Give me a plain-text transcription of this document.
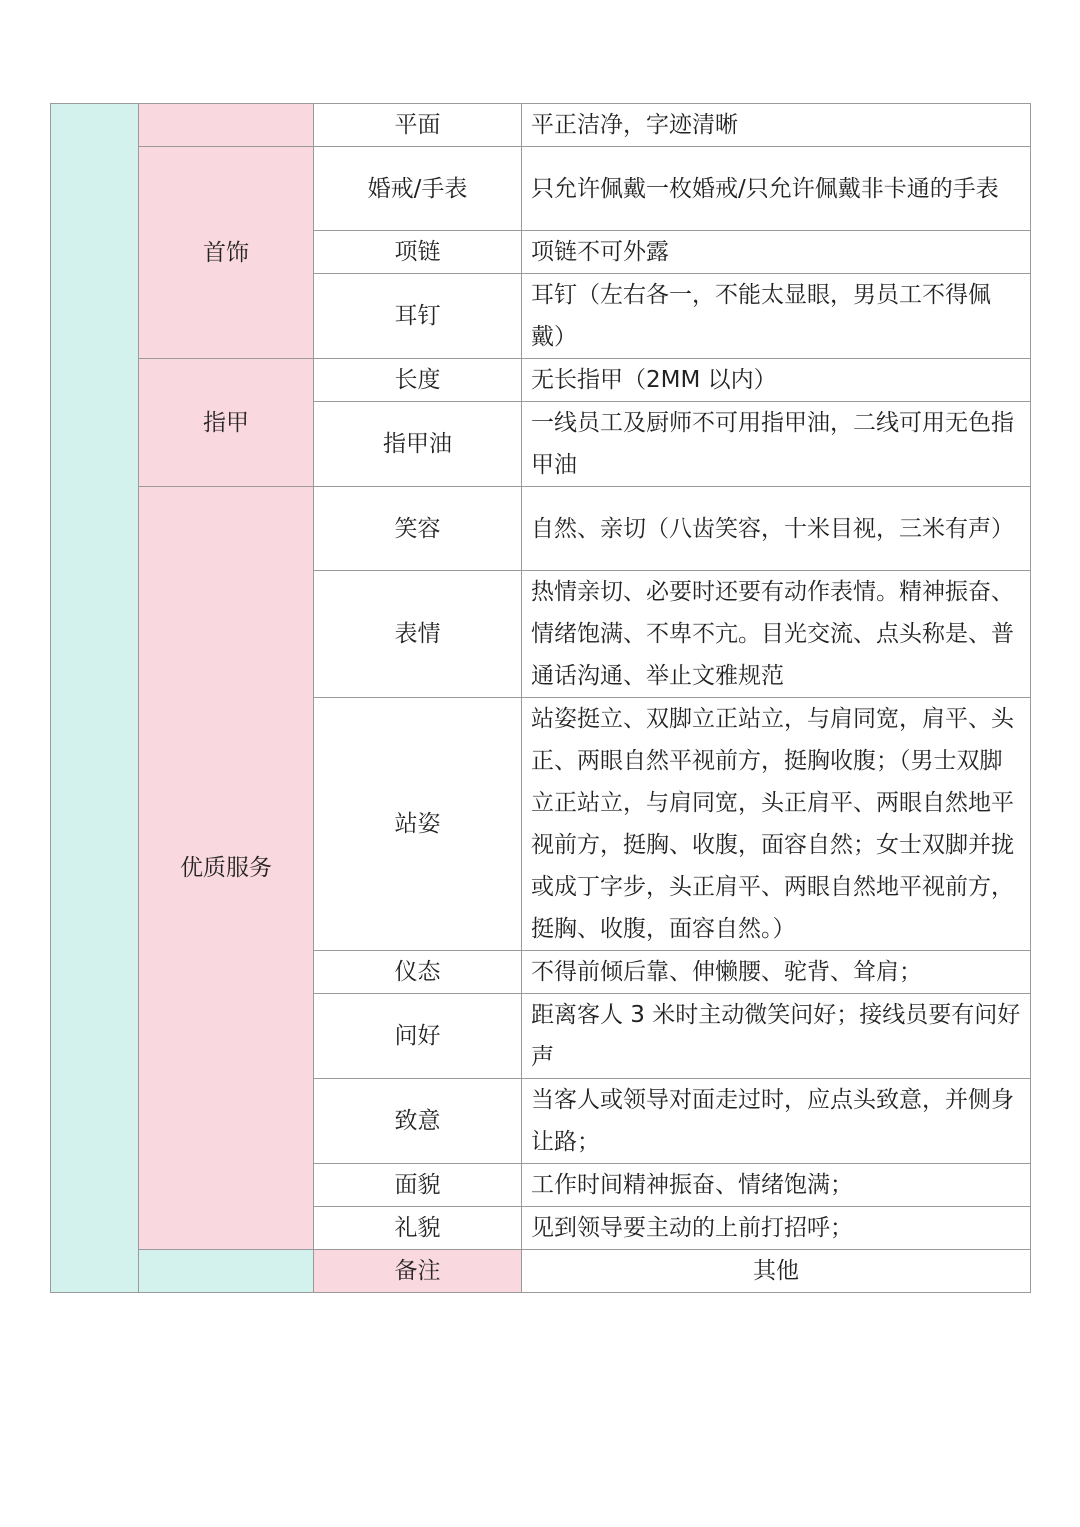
		平面	平正洁净，字迹清晰	
	首饰	婚戒/手表	只允许佩戴一枚婚戒/只允许佩戴非卡通的手表	
		项链	项链不可外露	
		耳钉	耳钉（左右各一，不能太显眼，男员工不得佩戴）	
	指甲	长度	无长指甲（2MM 以内）	
		指甲油	一线员工及厨师不可用指甲油，二线可用无色指甲油	
	优质服务	笑容	自然、亲切（八齿笑容，十米目视，三米有声）	
		表情	热情亲切、必要时还要有动作表情。精神振奋、情绪饱满、不卑不亢。目光交流、点头称是、普通话沟通、举止文雅规范	
		站姿	站姿挺立、双脚立正站立，与肩同宽，肩平、头正、两眼自然平视前方，挺胸收腹；（男士双脚立正站立，与肩同宽，头正肩平、两眼自然地平视前方，挺胸、收腹，面容自然；女士双脚并拢或成丁字步，头正肩平、两眼自然地平视前方，挺胸、收腹，面容自然。）	
		仪态	不得前倾后靠、伸懒腰、驼背、耸肩；	
		问好	距离客人 3 米时主动微笑问好；接线员要有问好声	
		致意	当客人或领导对面走过时，应点头致意，并侧身让路；	
		面貌	工作时间精神振奋、情绪饱满；	
		礼貌	见到领导要主动的上前打招呼；	
		备注	其他	
